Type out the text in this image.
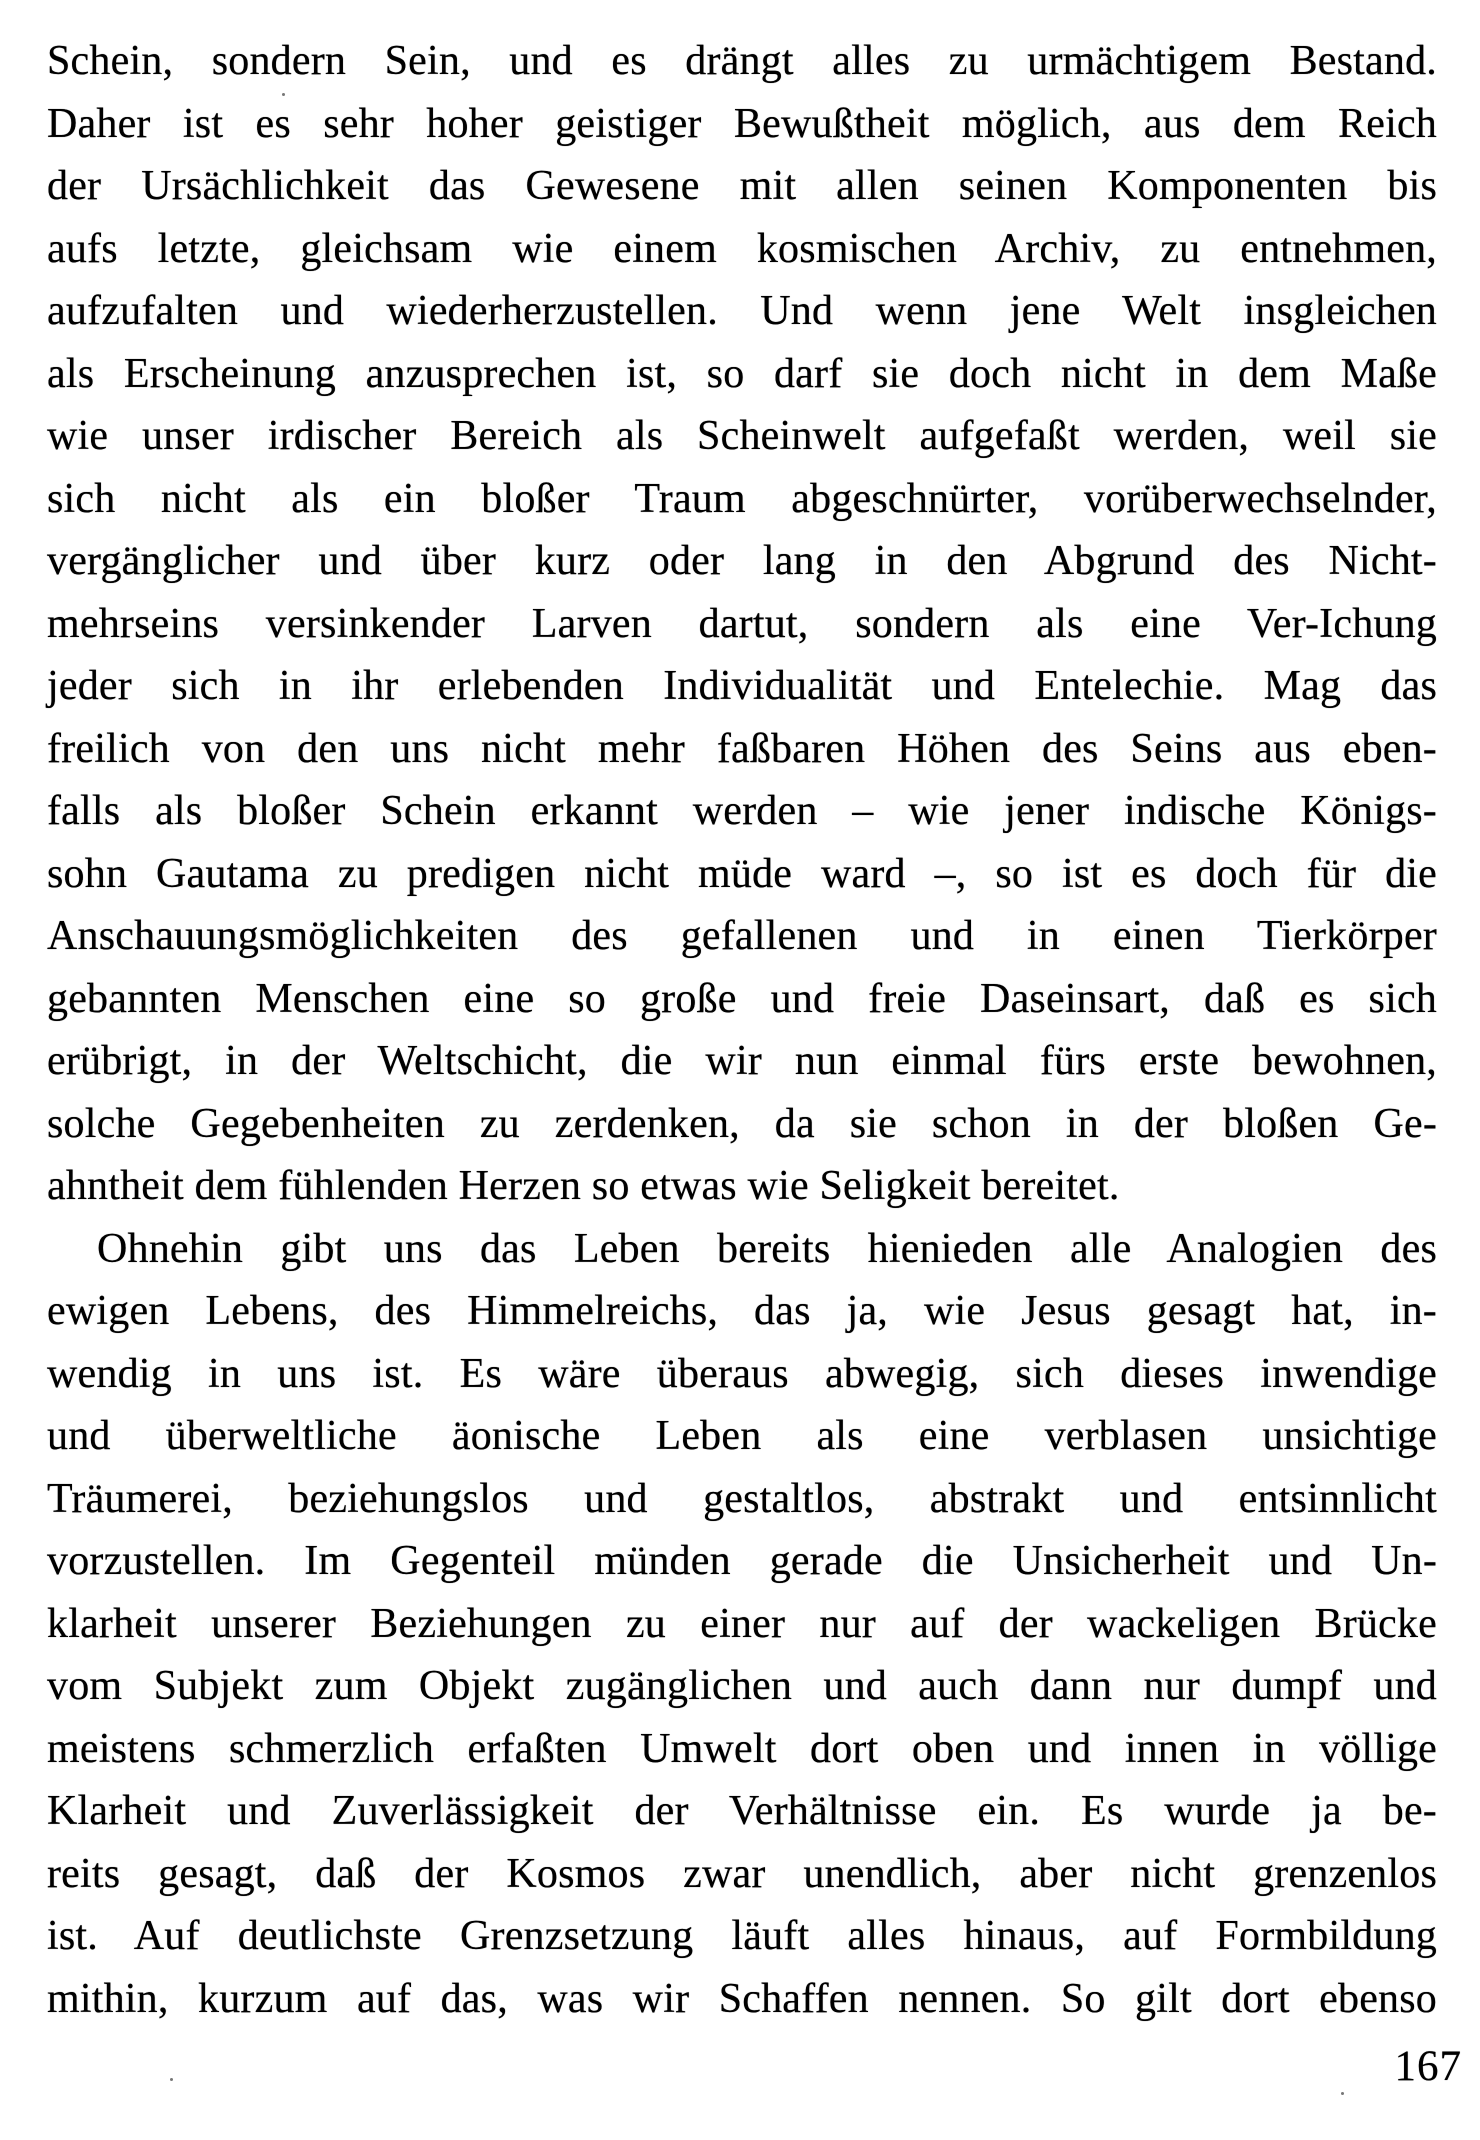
Schein, sondern Sein, und es drängt alles zu urmächtigem Bestand.
Daher ist es sehr hoher geistiger Bewußtheit möglich, aus dem Reich
der Ursächlichkeit das Gewesene mit allen seinen Komponenten bis
aufs letzte, gleichsam wie einem kosmischen Archiv, zu entnehmen,
aufzufalten und wiederherzustellen. Und wenn jene Welt insgleichen
als Erscheinung anzusprechen ist, so darf sie doch nicht in dem Maße
wie unser irdischer Bereich als Scheinwelt aufgefaßt werden, weil sie
sich nicht als ein bloßer Traum abgeschnürter, vorüberwechselnder,
vergänglicher und über kurz oder lang in den Abgrund des Nicht-
mehrseins versinkender Larven dartut, sondern als eine Ver-Ichung
jeder sich in ihr erlebenden Individualität und Entelechie. Mag das
freilich von den uns nicht mehr faßbaren Höhen des Seins aus eben-
falls als bloßer Schein erkannt werden – wie jener indische Königs-
sohn Gautama zu predigen nicht müde ward –, so ist es doch für die
Anschauungsmöglichkeiten des gefallenen und in einen Tierkörper
gebannten Menschen eine so große und freie Daseinsart, daß es sich
erübrigt, in der Weltschicht, die wir nun einmal fürs erste bewohnen,
solche Gegebenheiten zu zerdenken, da sie schon in der bloßen Ge-
ahntheit dem fühlenden Herzen so etwas wie Seligkeit bereitet.
Ohnehin gibt uns das Leben bereits hienieden alle Analogien des
ewigen Lebens, des Himmelreichs, das ja, wie Jesus gesagt hat, in-
wendig in uns ist. Es wäre überaus abwegig, sich dieses inwendige
und überweltliche äonische Leben als eine verblasen unsichtige
Träumerei, beziehungslos und gestaltlos, abstrakt und entsinnlicht
vorzustellen. Im Gegenteil münden gerade die Unsicherheit und Un-
klarheit unserer Beziehungen zu einer nur auf der wackeligen Brücke
vom Subjekt zum Objekt zugänglichen und auch dann nur dumpf und
meistens schmerzlich erfaßten Umwelt dort oben und innen in völlige
Klarheit und Zuverlässigkeit der Verhältnisse ein. Es wurde ja be-
reits gesagt, daß der Kosmos zwar unendlich, aber nicht grenzenlos
ist. Auf deutlichste Grenzsetzung läuft alles hinaus, auf Formbildung
mithin, kurzum auf das, was wir Schaffen nennen. So gilt dort ebenso
167
